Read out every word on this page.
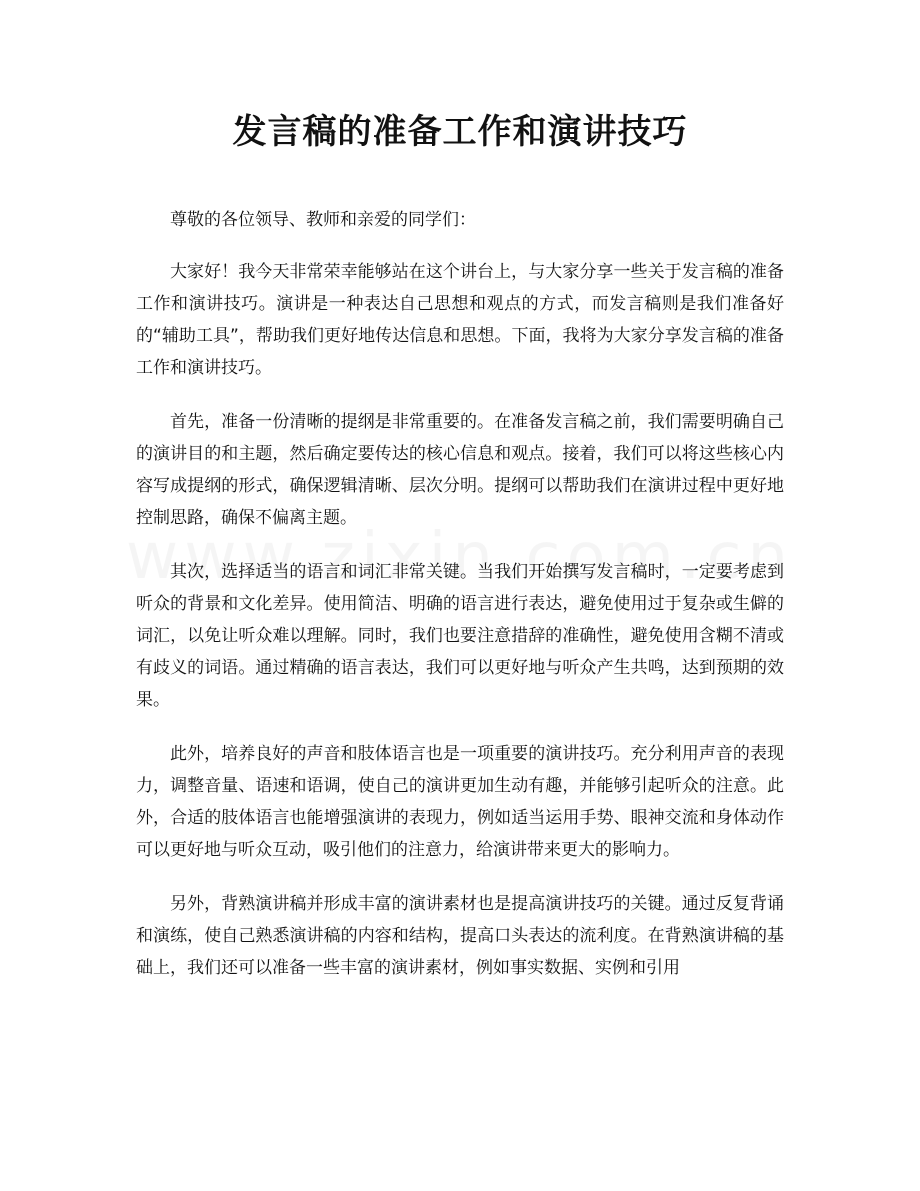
发言稿的准备工作和演讲技巧

尊敬的各位领导、教师和亲爱的同学们：

大家好！我今天非常荣幸能够站在这个讲台上，与大家分享一些关于发言稿的准备工作和演讲技巧。演讲是一种表达自己思想和观点的方式，而发言稿则是我们准备好的“辅助工具”，帮助我们更好地传达信息和思想。下面，我将为大家分享发言稿的准备工作和演讲技巧。

首先，准备一份清晰的提纲是非常重要的。在准备发言稿之前，我们需要明确自己的演讲目的和主题，然后确定要传达的核心信息和观点。接着，我们可以将这些核心内容写成提纲的形式，确保逻辑清晰、层次分明。提纲可以帮助我们在演讲过程中更好地控制思路，确保不偏离主题。

其次，选择适当的语言和词汇非常关键。当我们开始撰写发言稿时，一定要考虑到听众的背景和文化差异。使用简洁、明确的语言进行表达，避免使用过于复杂或生僻的词汇，以免让听众难以理解。同时，我们也要注意措辞的准确性，避免使用含糊不清或有歧义的词语。通过精确的语言表达，我们可以更好地与听众产生共鸣，达到预期的效果。

此外，培养良好的声音和肢体语言也是一项重要的演讲技巧。充分利用声音的表现力，调整音量、语速和语调，使自己的演讲更加生动有趣，并能够引起听众的注意。此外，合适的肢体语言也能增强演讲的表现力，例如适当运用手势、眼神交流和身体动作可以更好地与听众互动，吸引他们的注意力，给演讲带来更大的影响力。

另外，背熟演讲稿并形成丰富的演讲素材也是提高演讲技巧的关键。通过反复背诵和演练，使自己熟悉演讲稿的内容和结构，提高口头表达的流利度。在背熟演讲稿的基础上，我们还可以准备一些丰富的演讲素材，例如事实数据、实例和引用
